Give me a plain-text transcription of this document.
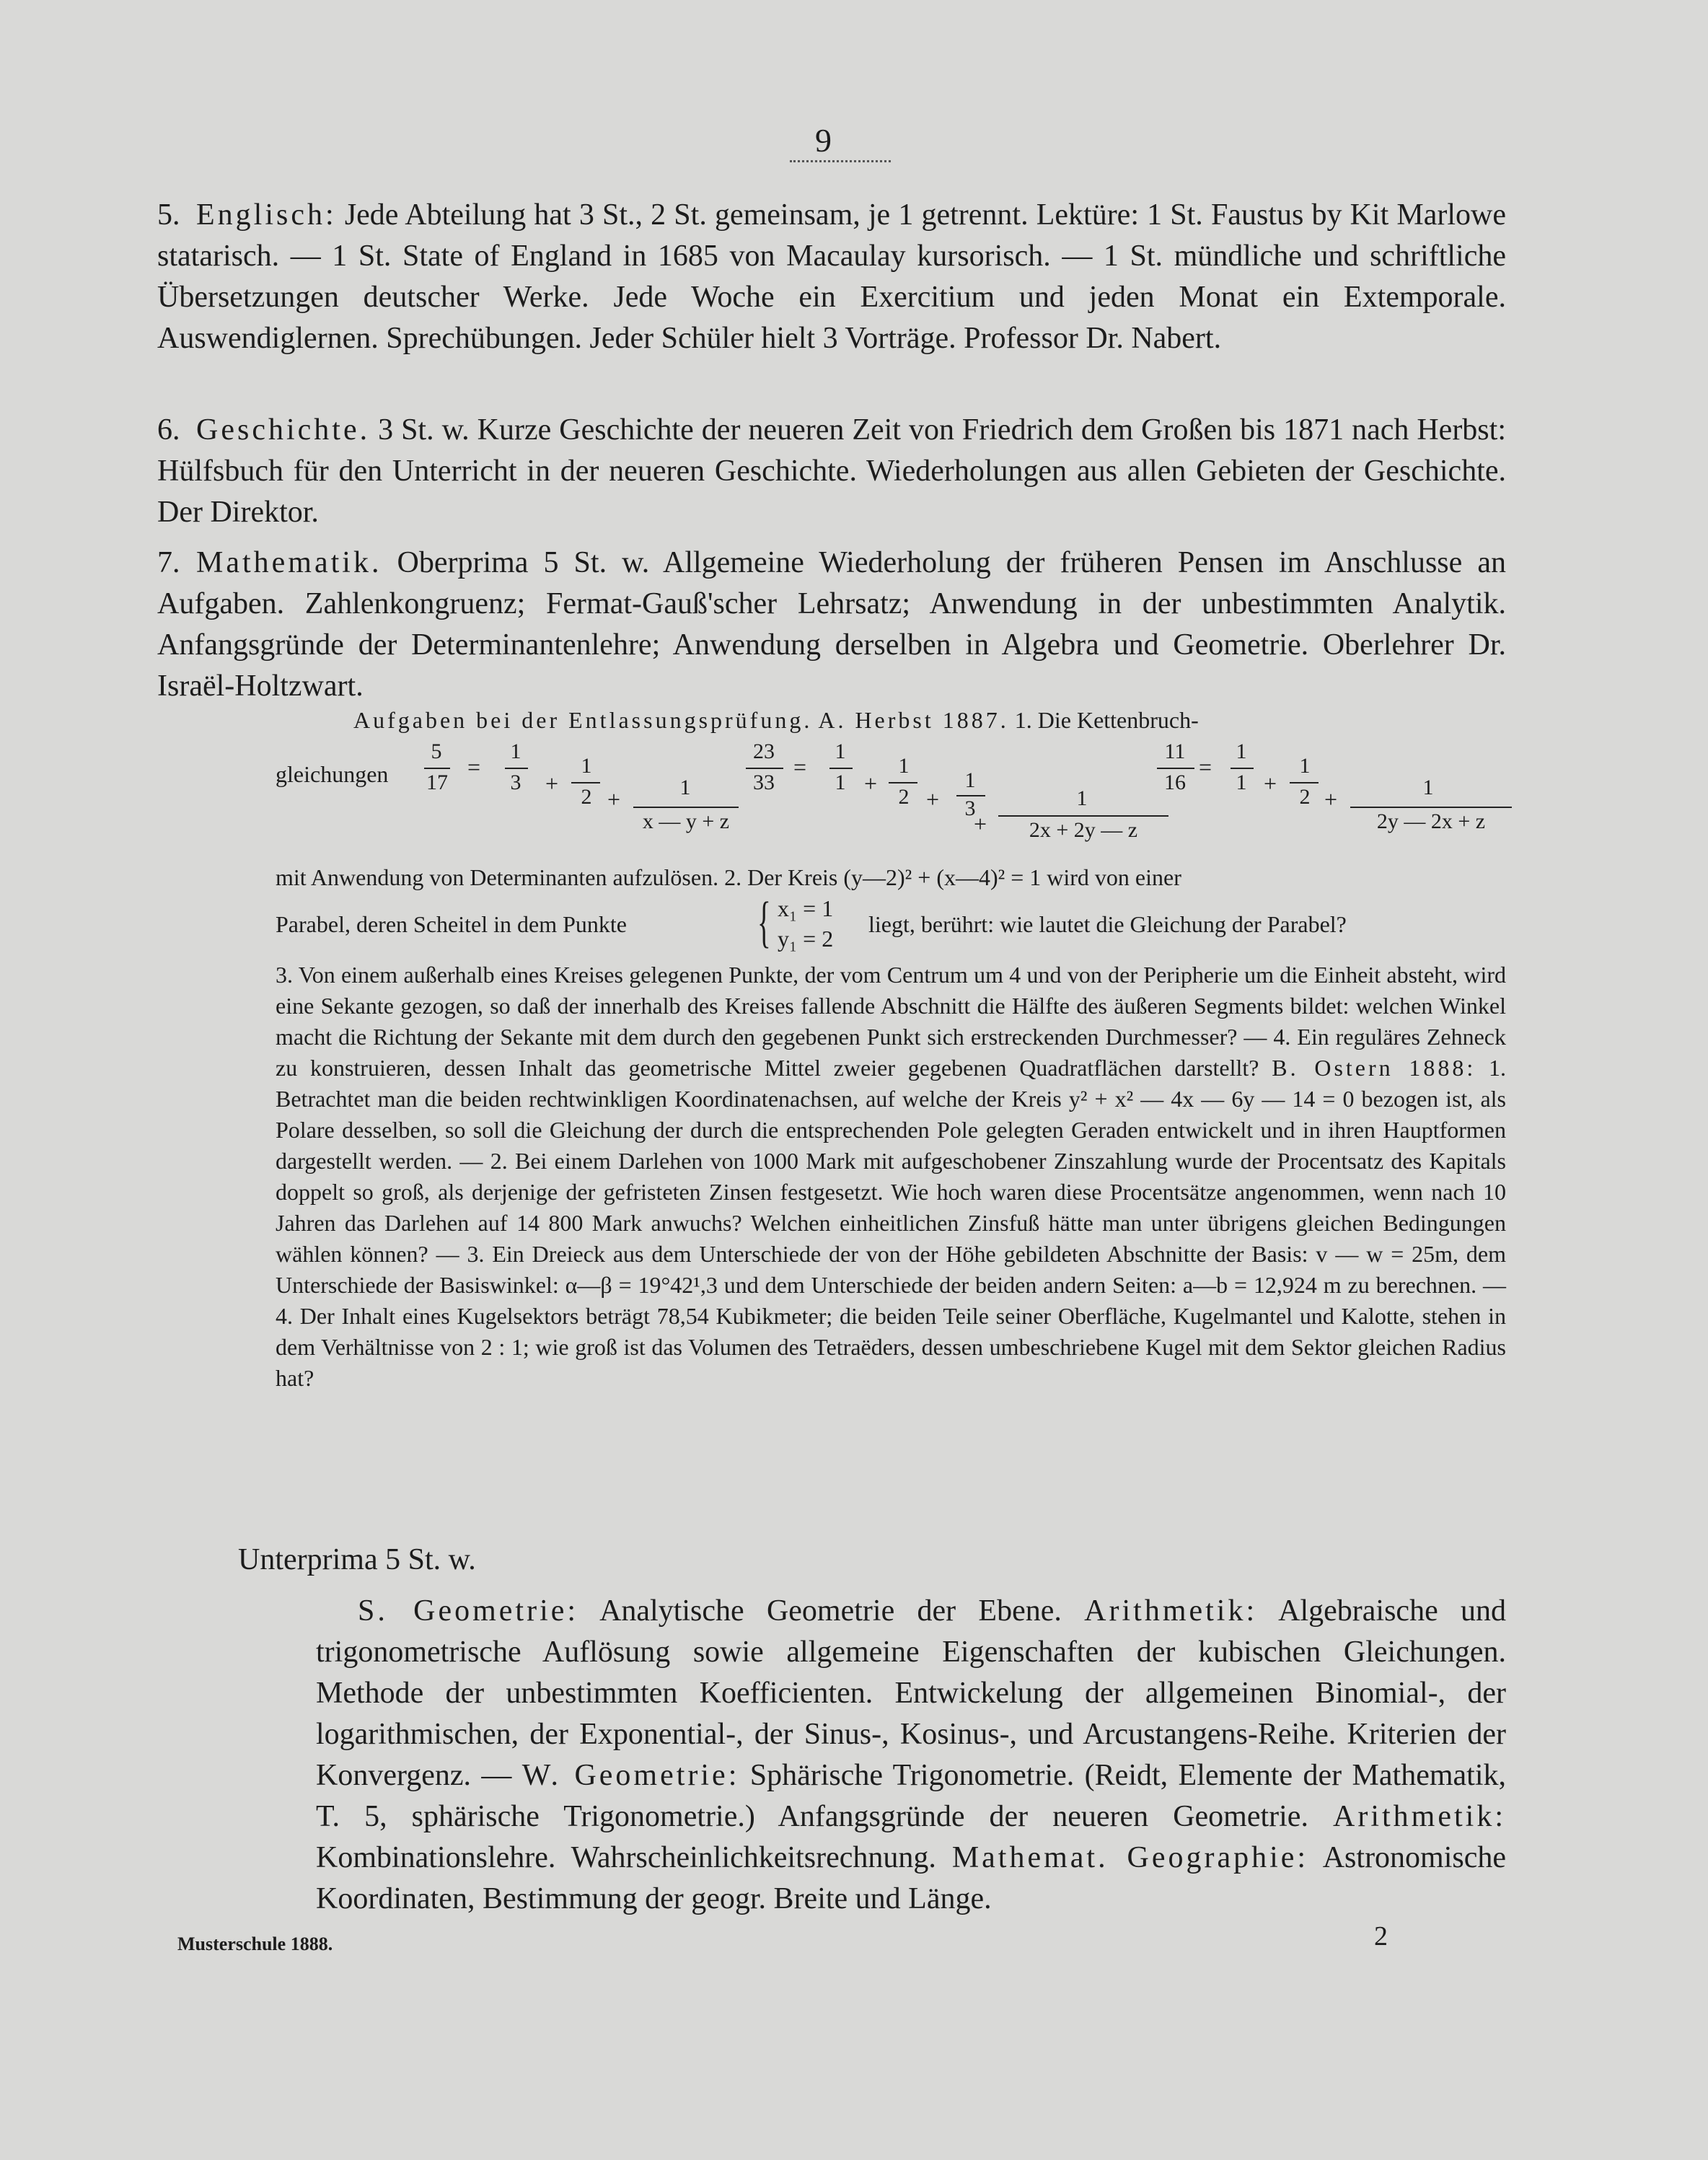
9
5. Englisch: Jede Abteilung hat 3 St., 2 St. gemeinsam, je 1 getrennt. Lektüre: 1 St. Faustus by Kit Marlowe statarisch. — 1 St. State of England in 1685 von Macaulay kursorisch. — 1 St. mündliche und schriftliche Übersetzungen deutscher Werke. Jede Woche ein Exercitium und jeden Monat ein Extemporale. Auswendiglernen. Sprechübungen. Jeder Schüler hielt 3 Vorträge. Professor Dr. Nabert.
6. Geschichte. 3 St. w. Kurze Geschichte der neueren Zeit von Friedrich dem Großen bis 1871 nach Herbst: Hülfsbuch für den Unterricht in der neueren Geschichte. Wiederholungen aus allen Gebieten der Geschichte. Der Direktor.
7. Mathematik. Oberprima 5 St. w. Allgemeine Wiederholung der früheren Pensen im Anschlusse an Aufgaben. Zahlenkongruenz; Fermat-Gauß'scher Lehrsatz; Anwendung in der unbestimmten Analytik. Anfangsgründe der Determinantenlehre; Anwendung derselben in Algebra und Geometrie. Oberlehrer Dr. Israël-Holtzwart.
Aufgaben bei der Entlassungsprüfung. A. Herbst 1887. 1. Die Kettenbruch-
gleichungen
5
17
=
1
3 +
1
2 +	1
x — y + z
23
33
=
1
1 +
1
2 +
1
3
+
1
2x + 2y — z
11
16
=
1
1 +
1
2 +	1
2y — 2x + z
mit Anwendung von Determinanten aufzulösen. 2. Der Kreis (y—2)² + (x—4)² = 1 wird von einer
Parabel, deren Scheitel in dem Punkte { x₁ = 1
y₁ = 2
liegt, berührt: wie lautet die Gleichung der Parabel?
3. Von einem außerhalb eines Kreises gelegenen Punkte, der vom Centrum um 4 und von der Peripherie um die Einheit absteht, wird eine Sekante gezogen, so daß der innerhalb des Kreises fallende Abschnitt die Hälfte des äußeren Segments bildet: welchen Winkel macht die Richtung der Sekante mit dem durch den gegebenen Punkt sich erstreckenden Durchmesser? — 4. Ein reguläres Zehneck zu konstruieren, dessen Inhalt das geometrische Mittel zweier gegebenen Quadratflächen darstellt? B. Ostern 1888: 1. Betrachtet man die beiden rechtwinkligen Koordinatenachsen, auf welche der Kreis y² + x² — 4x — 6y — 14 = 0 bezogen ist, als Polare desselben, so soll die Gleichung der durch die entsprechenden Pole gelegten Geraden entwickelt und in ihren Hauptformen dargestellt werden. — 2. Bei einem Darlehen von 1000 Mark mit aufgeschobener Zinszahlung wurde der Procentsatz des Kapitals doppelt so groß, als derjenige der gefristeten Zinsen festgesetzt. Wie hoch waren diese Procentsätze angenommen, wenn nach 10 Jahren das Darlehen auf 14 800 Mark anwuchs? Welchen einheitlichen Zinsfuß hätte man unter übrigens gleichen Bedingungen wählen können? — 3. Ein Dreieck aus dem Unterschiede der von der Höhe gebildeten Abschnitte der Basis: v — w = 25m, dem Unterschiede der Basiswinkel: α—β = 19°42¹,3 und dem Unterschiede der beiden andern Seiten: a—b = 12,924 m zu berechnen. — 4. Der Inhalt eines Kugelsektors beträgt 78,54 Kubikmeter; die beiden Teile seiner Oberfläche, Kugelmantel und Kalotte, stehen in dem Verhältnisse von 2 : 1; wie groß ist das Volumen des Tetraëders, dessen umbeschriebene Kugel mit dem Sektor gleichen Radius hat?
Unterprima 5 St. w.
S. Geometrie: Analytische Geometrie der Ebene. Arithmetik: Algebraische und trigonometrische Auflösung sowie allgemeine Eigenschaften der kubischen Gleichungen. Methode der unbestimmten Koefficienten. Entwickelung der allgemeinen Binomial-, der logarithmischen, der Exponential-, der Sinus-, Kosinus-, und Arcustangens-Reihe. Kriterien der Konvergenz. — W. Geometrie: Sphärische Trigonometrie. (Reidt, Elemente der Mathematik, T. 5, sphärische Trigonometrie.) Anfangsgründe der neueren Geometrie. Arithmetik: Kombinationslehre. Wahrscheinlichkeitsrechnung. Mathemat. Geographie: Astronomische Koordinaten, Bestimmung der geogr. Breite und Länge.
Musterschule 1888.	2
